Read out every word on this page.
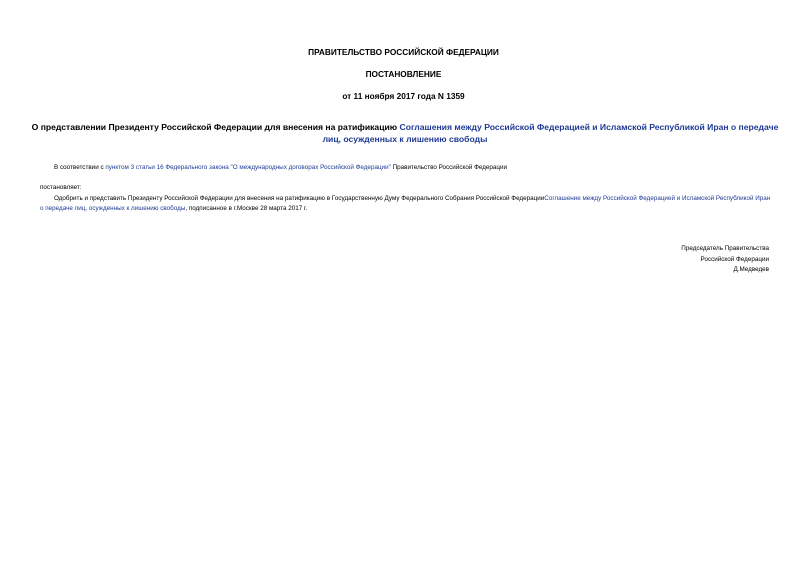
ПРАВИТЕЛЬСТВО РОССИЙСКОЙ ФЕДЕРАЦИИ
ПОСТАНОВЛЕНИЕ
от 11 ноября 2017 года N 1359
О представлении Президенту Российской Федерации для внесения на ратификацию Соглашения между Российской Федерацией и Исламской Республикой Иран о передаче лиц, осужденных к лишению свободы
В соответствии с пунктом 3 статьи 16 Федерального закона "О международных договорах Российской Федерации" Правительство Российской Федерации
постановляет:
Одобрить и представить Президенту Российской Федерации для внесения на ратификацию в Государственную Думу Федерального Собрания Российской ФедерацииСоглашение между Российской Федерацией и Исламской Республикой Иран о передаче лиц, осужденных к лишению свободы, подписанное в г.Москве 28 марта 2017 г.
Председатель Правительства
Российской Федерации
Д.Медведев
